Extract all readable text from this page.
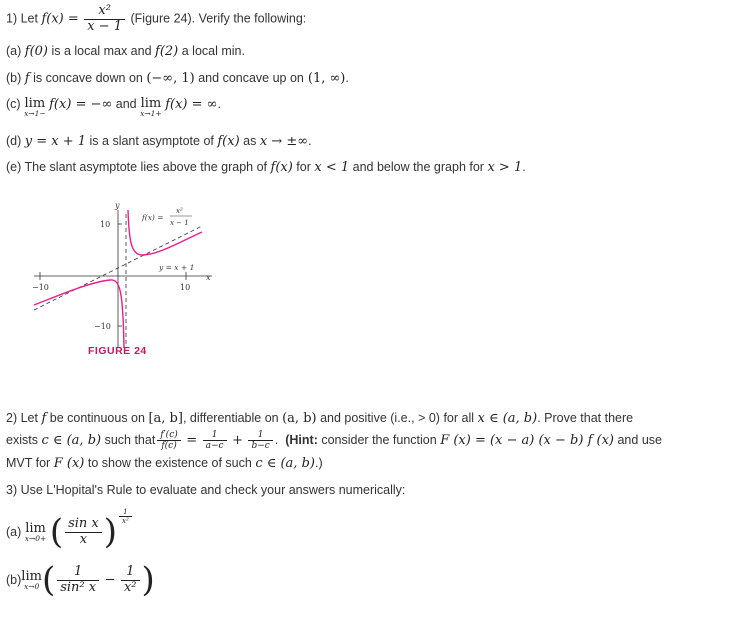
1) Let $f(x) = \frac{\text{x²}}{x - 1}$ (Figure 24). Verify the following:
(a) f(0) is a local max and f(2) a local min.
(b) f is concave down on (−∞, 1) and concave up on (1, ∞).
(c) lim
x→1−
f(x) = −∞ and lim
x→1+
f(x) = ∞.
(d) y = x + 1 is a slant asymptote of f(x) as x → ±∞.
(e) The slant asymptote lies above the graph of f(x) for x < 1 and below the graph for x > 1.
y
x
10
−10
10
−10
f(x) =
x²
x − 1
y = x + 1
FIGURE 24
2) Let f be continuous on [a, b], differentiable on (a, b) and positive (i.e., > 0) for all x ∈ (a, b). Prove that there
exists c ∈ (a, b) such that $\frac{f'(c)}{f(c)} = \frac{1}{a-c} + \frac{1}{b-c}$ . (Hint: consider the function F (x) = (x − a) (x − b) f (x) and use
MVT for F (x) to show the existence of such c ∈ (a, b).)
3) Use L'Hopital's Rule to evaluate and check your answers numerically:
(a) lim
x→0+ ( $\frac{\text{sin x}}{x}$ ) $\frac{1}{\text{x²}}$
(b)lim
x→0 ( $\frac{1}{\text{sin² x}} - \frac{1}{\text{x²}}$ )
